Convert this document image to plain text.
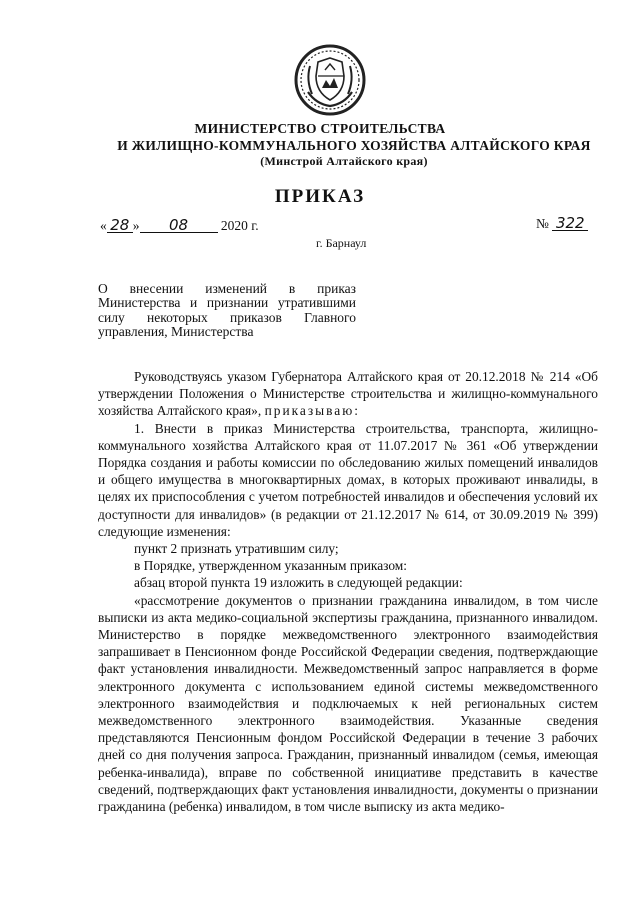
МИНИСТЕРСТВО СТРОИТЕЛЬСТВА
И ЖИЛИЩНО-КОММУНАЛЬНОГО ХОЗЯЙСТВА АЛТАЙСКОГО КРАЯ
(Минстрой Алтайского края)
ПРИКАЗ
« 28 » 08 2020 г.	№ 322
г. Барнаул
О внесении изменений в приказ Министерства и признании утратившими силу некоторых приказов Главного управления, Министерства

Руководствуясь указом Губернатора Алтайского края от 20.12.2018 № 214 «Об утверждении Положения о Министерстве строительства и жилищно-коммунального хозяйства Алтайского края», приказываю:

1. Внести в приказ Министерства строительства, транспорта, жилищно-коммунального хозяйства Алтайского края от 11.07.2017 № 361 «Об утверждении Порядка создания и работы комиссии по обследованию жилых помещений инвалидов и общего имущества в многоквартирных домах, в которых проживают инвалиды, в целях их приспособления с учетом потребностей инвалидов и обеспечения условий их доступности для инвалидов» (в редакции от 21.12.2017 № 614, от 30.09.2019 № 399) следующие изменения:

пункт 2 признать утратившим силу;

в Порядке, утвержденном указанным приказом:

абзац второй пункта 19 изложить в следующей редакции:

«рассмотрение документов о признании гражданина инвалидом, в том числе выписки из акта медико-социальной экспертизы гражданина, признанного инвалидом. Министерство в порядке межведомственного электронного взаимодействия запрашивает в Пенсионном фонде Российской Федерации сведения, подтверждающие факт установления инвалидности. Межведомственный запрос направляется в форме электронного документа с использованием единой системы межведомственного электронного взаимодействия и подключаемых к ней региональных систем межведомственного электронного взаимодействия. Указанные сведения представляются Пенсионным фондом Российской Федерации в течение 3 рабочих дней со дня получения запроса. Гражданин, признанный инвалидом (семья, имеющая ребенка-инвалида), вправе по собственной инициативе представить в качестве сведений, подтверждающих факт установления инвалидности, документы о признании гражданина (ребенка) инвалидом, в том числе выписку из акта медико-
